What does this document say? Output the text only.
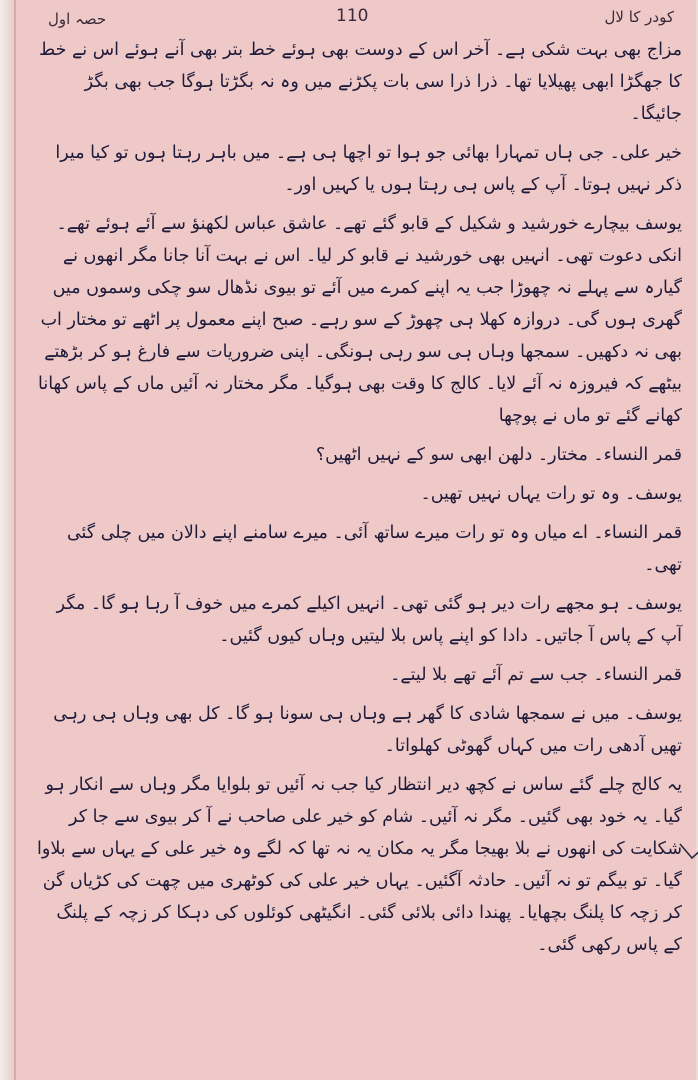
حصہ اول	110	کودر کا لال

مزاج بھی بہت شکی ہے۔ آخر اس کے دوست بھی ہوئے خط بتر بھی آنے ہوئے اس نے خط کا جھگڑا ابھی پھیلایا تھا۔ ذرا ذرا سی بات پکڑنے میں وہ نہ بگڑتا ہوگا جب بھی بگڑ جائیگا۔

خیر علی۔ جی ہاں تمہارا بھائی جو ہوا تو اچھا ہی ہے۔ میں باہر رہتا ہوں تو کیا میرا ذکر نہیں ہوتا۔ آپ کے پاس ہی رہتا ہوں یا کہیں اور۔

یوسف بیچارے خورشید و شکیل کے قابو گئے تھے۔ عاشق عباس لکھنؤ سے آئے ہوئے تھے۔ انکی دعوت تھی۔ انہیں بھی خورشید نے قابو کر لیا۔ اس نے بہت آنا جانا مگر انھوں نے گیارہ سے پہلے نہ چھوڑا جب یہ اپنے کمرے میں آئے تو بیوی نڈھال سو چکی وسموں میں گھری ہوں گی۔ دروازہ کھلا ہی چھوڑ کے سو رہے۔ صبح اپنے معمول پر اٹھے تو مختار اب بھی نہ دکھیں۔ سمجھا وہاں ہی سو رہی ہونگی۔ اپنی ضروریات سے فارغ ہو کر بڑھتے بیٹھے کہ فیروزہ نہ آئے لایا۔ کالج کا وقت بھی ہوگیا۔ مگر مختار نہ آئیں ماں کے پاس کھانا کھانے گئے تو ماں نے پوچھا

قمر النساء۔ مختار۔ دلھن ابھی سو کے نہیں اٹھیں؟

یوسف۔ وہ تو رات یہاں نہیں تھیں۔

قمر النساء۔ اے میاں وہ تو رات میرے ساتھ آئی۔ میرے سامنے اپنے دالان میں چلی گئی تھی۔

یوسف۔ ہو مجھے رات دیر ہو گئی تھی۔ انہیں اکیلے کمرے میں خوف آ رہا ہو گا۔ مگر آپ کے پاس آ جاتیں۔ دادا کو اپنے پاس بلا لیتیں وہاں کیوں گئیں۔

قمر النساء۔ جب سے تم آئے تھے بلا لیتے۔

یوسف۔ میں نے سمجھا شادی کا گھر ہے وہاں ہی سونا ہو گا۔ کل بھی وہاں ہی رہی تھیں آدھی رات میں کہاں گھوٹی کھلواتا۔

یہ کالج چلے گئے ساس نے کچھ دیر انتظار کیا جب نہ آئیں تو بلوایا مگر وہاں سے انکار ہو گیا۔ یہ خود بھی گئیں۔ مگر نہ آئیں۔ شام کو خیر علی صاحب نے آ کر بیوی سے جا کر شکایت کی انھوں نے بلا بھیجا مگر یہ مکان یہ نہ تھا کہ لگے وہ خیر علی کے یہاں سے بلاوا گیا۔ تو بیگم تو نہ آئیں۔ حادثہ آگئیں۔ یہاں خیر علی کی کوٹھری میں چھت کی کڑیاں گن کر زچہ کا پلنگ بچھایا۔ پھندا دائی بلائی گئی۔ انگیٹھی کوئلوں کی دہکا کر زچہ کے پلنگ کے پاس رکھی گئی۔
